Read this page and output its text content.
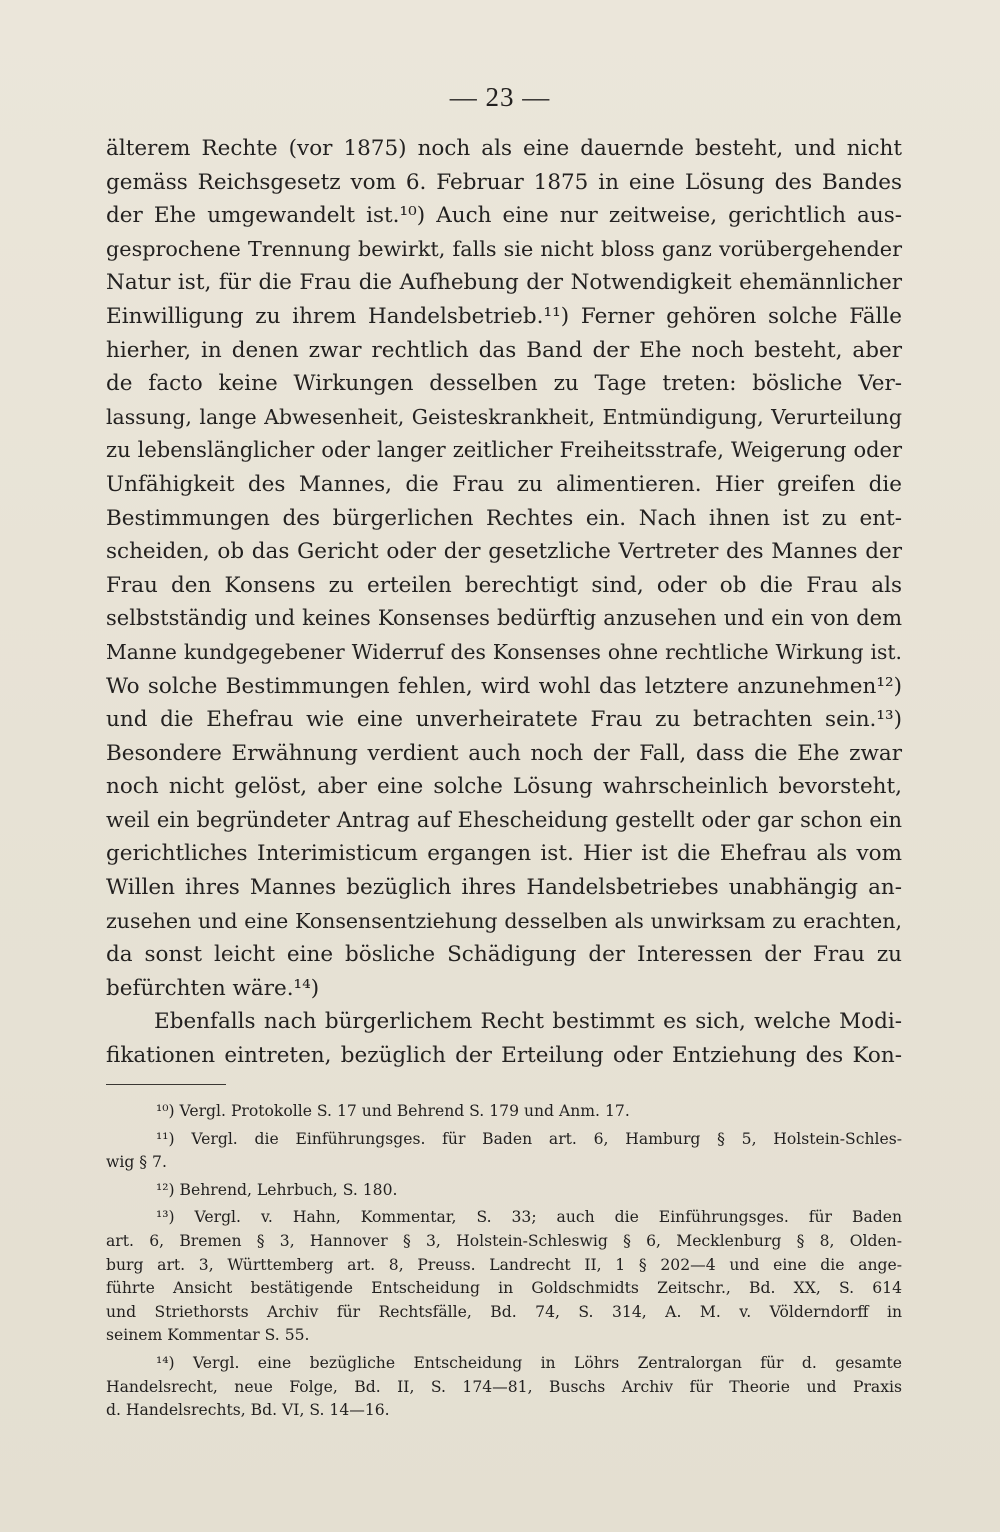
— 23 —
älterem Rechte (vor 1875) noch als eine dauernde besteht, und nicht
gemäss Reichsgesetz vom 6. Februar 1875 in eine Lösung des Bandes
der Ehe umgewandelt ist.¹⁰) Auch eine nur zeitweise, gerichtlich aus-
gesprochene Trennung bewirkt, falls sie nicht bloss ganz vorübergehender
Natur ist, für die Frau die Aufhebung der Notwendigkeit ehemännlicher
Einwilligung zu ihrem Handelsbetrieb.¹¹) Ferner gehören solche Fälle
hierher, in denen zwar rechtlich das Band der Ehe noch besteht, aber
de facto keine Wirkungen desselben zu Tage treten: bösliche Ver-
lassung, lange Abwesenheit, Geisteskrankheit, Entmündigung, Verurteilung
zu lebenslänglicher oder langer zeitlicher Freiheitsstrafe, Weigerung oder
Unfähigkeit des Mannes, die Frau zu alimentieren. Hier greifen die
Bestimmungen des bürgerlichen Rechtes ein. Nach ihnen ist zu ent-
scheiden, ob das Gericht oder der gesetzliche Vertreter des Mannes der
Frau den Konsens zu erteilen berechtigt sind, oder ob die Frau als
selbstständig und keines Konsenses bedürftig anzusehen und ein von dem
Manne kundgegebener Widerruf des Konsenses ohne rechtliche Wirkung ist.
Wo solche Bestimmungen fehlen, wird wohl das letztere anzunehmen¹²)
und die Ehefrau wie eine unverheiratete Frau zu betrachten sein.¹³)
Besondere Erwähnung verdient auch noch der Fall, dass die Ehe zwar
noch nicht gelöst, aber eine solche Lösung wahrscheinlich bevorsteht,
weil ein begründeter Antrag auf Ehescheidung gestellt oder gar schon ein
gerichtliches Interimisticum ergangen ist. Hier ist die Ehefrau als vom
Willen ihres Mannes bezüglich ihres Handelsbetriebes unabhängig an-
zusehen und eine Konsensentziehung desselben als unwirksam zu erachten,
da sonst leicht eine bösliche Schädigung der Interessen der Frau zu
befürchten wäre.¹⁴)
Ebenfalls nach bürgerlichem Recht bestimmt es sich, welche Modi-
fikationen eintreten, bezüglich der Erteilung oder Entziehung des Kon-
¹⁰) Vergl. Protokolle S. 17 und Behrend S. 179 und Anm. 17.
¹¹) Vergl. die Einführungsges. für Baden art. 6, Hamburg § 5, Holstein-Schles-
wig § 7.
¹²) Behrend, Lehrbuch, S. 180.
¹³) Vergl. v. Hahn, Kommentar, S. 33; auch die Einführungsges. für Baden
art. 6, Bremen § 3, Hannover § 3, Holstein-Schleswig § 6, Mecklenburg § 8, Olden-
burg art. 3, Württemberg art. 8, Preuss. Landrecht II, 1 § 202—4 und eine die ange-
führte Ansicht bestätigende Entscheidung in Goldschmidts Zeitschr., Bd. XX, S. 614
und Striethorsts Archiv für Rechtsfälle, Bd. 74, S. 314, A. M. v. Völderndorff in
seinem Kommentar S. 55.
¹⁴) Vergl. eine bezügliche Entscheidung in Löhrs Zentralorgan für d. gesamte
Handelsrecht, neue Folge, Bd. II, S. 174—81, Buschs Archiv für Theorie und Praxis
d. Handelsrechts, Bd. VI, S. 14—16.
